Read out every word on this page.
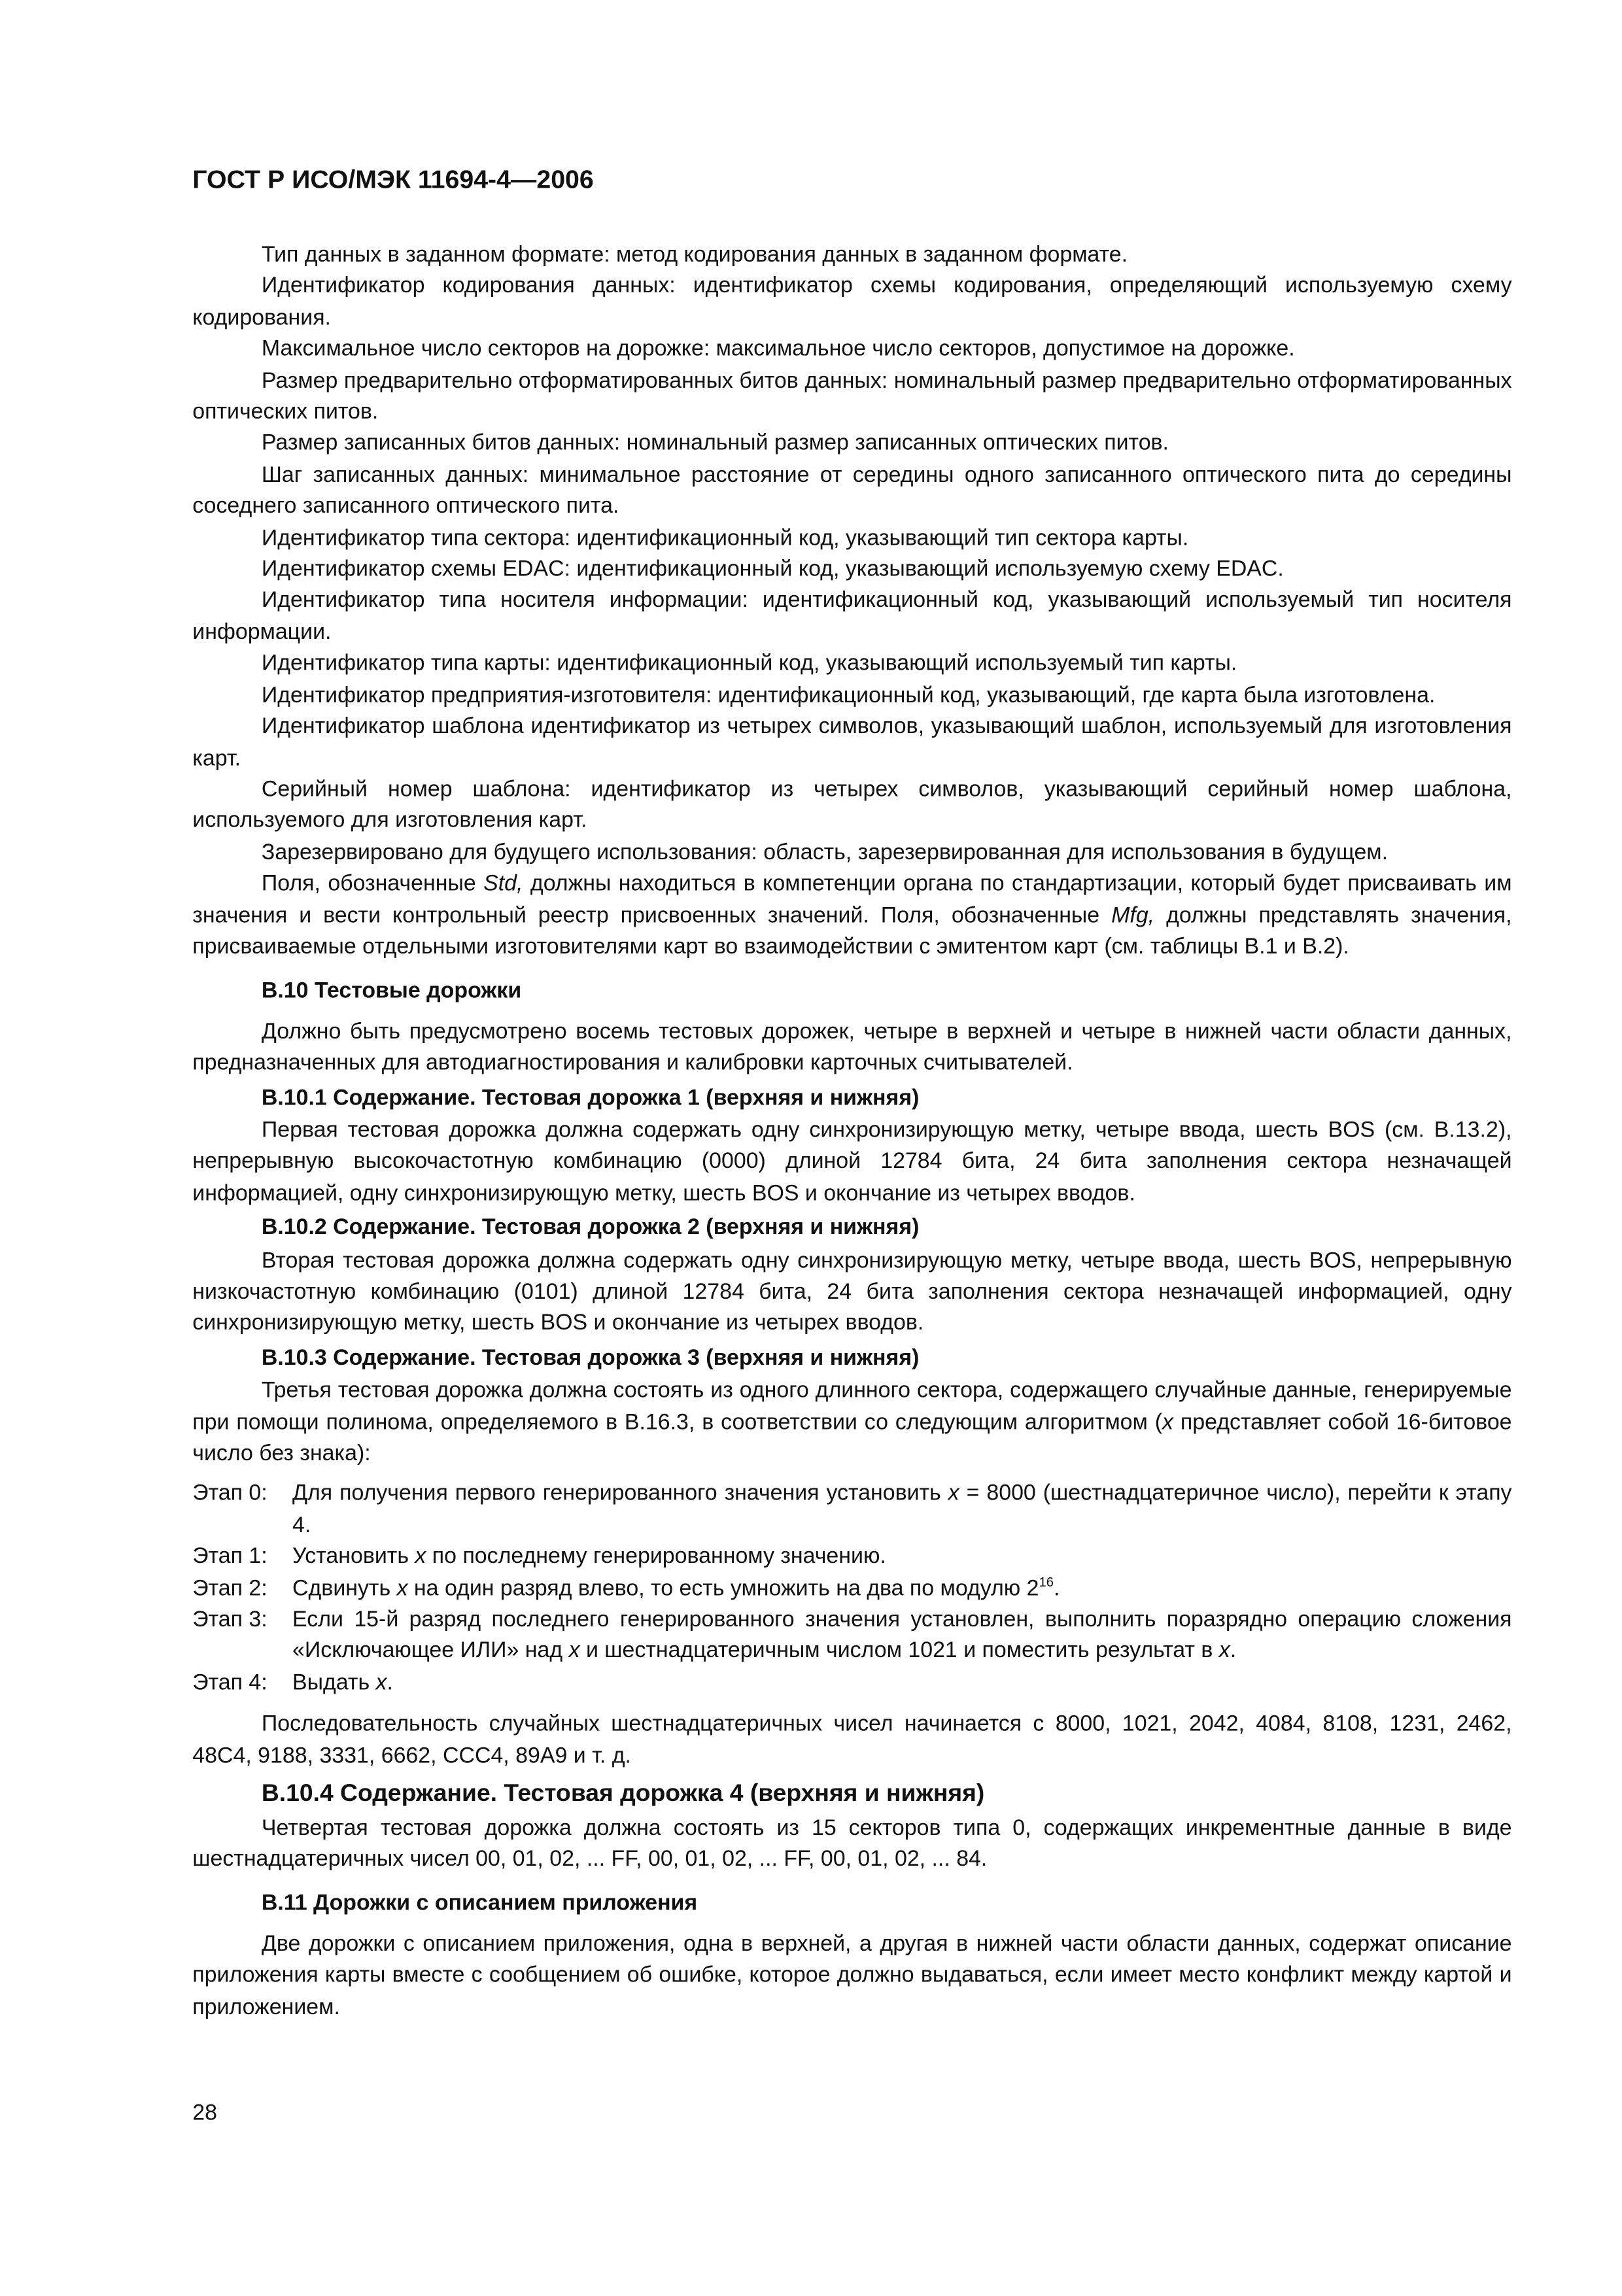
ГОСТ Р ИСО/МЭК 11694-4—2006

Тип данных в заданном формате: метод кодирования данных в заданном формате.

Идентификатор кодирования данных: идентификатор схемы кодирования, определяющий используемую схему кодирования.

Максимальное число секторов на дорожке: максимальное число секторов, допустимое на дорожке.

Размер предварительно отформатированных битов данных: номинальный размер предварительно отформатированных оптических питов.

Размер записанных битов данных: номинальный размер записанных оптических питов.

Шаг записанных данных: минимальное расстояние от середины одного записанного оптического пита до середины соседнего записанного оптического пита.

Идентификатор типа сектора: идентификационный код, указывающий тип сектора карты.

Идентификатор схемы EDAC: идентификационный код, указывающий используемую схему EDAC.

Идентификатор типа носителя информации: идентификационный код, указывающий используемый тип носителя информации.

Идентификатор типа карты: идентификационный код, указывающий используемый тип карты.

Идентификатор предприятия-изготовителя: идентификационный код, указывающий, где карта была изготовлена.

Идентификатор шаблона идентификатор из четырех символов, указывающий шаблон, используемый для изготовления карт.

Серийный номер шаблона: идентификатор из четырех символов, указывающий серийный номер шаблона, используемого для изготовления карт.

Зарезервировано для будущего использования: область, зарезервированная для использования в будущем.

Поля, обозначенные Std, должны находиться в компетенции органа по стандартизации, который будет присваивать им значения и вести контрольный реестр присвоенных значений. Поля, обозначенные Mfg, должны представлять значения, присваиваемые отдельными изготовителями карт во взаимодействии с эмитентом карт (см. таблицы В.1 и В.2).

В.10 Тестовые дорожки

Должно быть предусмотрено восемь тестовых дорожек, четыре в верхней и четыре в нижней части области данных, предназначенных для автодиагностирования и калибровки карточных считывателей.

В.10.1 Содержание. Тестовая дорожка 1 (верхняя и нижняя)

Первая тестовая дорожка должна содержать одну синхронизирующую метку, четыре ввода, шесть BOS (см. В.13.2), непрерывную высокочастотную комбинацию (0000) длиной 12784 бита, 24 бита заполнения сектора незначащей информацией, одну синхронизирующую метку, шесть BOS и окончание из четырех вводов.

В.10.2 Содержание. Тестовая дорожка 2 (верхняя и нижняя)

Вторая тестовая дорожка должна содержать одну синхронизирующую метку, четыре ввода, шесть BOS, непрерывную низкочастотную комбинацию (0101) длиной 12784 бита, 24 бита заполнения сектора незначащей информацией, одну синхронизирующую метку, шесть BOS и окончание из четырех вводов.

В.10.3 Содержание. Тестовая дорожка 3 (верхняя и нижняя)

Третья тестовая дорожка должна состоять из одного длинного сектора, содержащего случайные данные, генерируемые при помощи полинома, определяемого в В.16.3, в соответствии со следующим алгоритмом (x представляет собой 16-битовое число без знака):

Этап 0:	Для получения первого генерированного значения установить x = 8000 (шестнадцатеричное число), перейти к этапу 4.
Этап 1:	Установить x по последнему генерированному значению.
Этап 2:	Сдвинуть x на один разряд влево, то есть умножить на два по модулю $2^{16}$.
Этап 3:	Если 15-й разряд последнего генерированного значения установлен, выполнить поразрядно операцию сложения «Исключающее ИЛИ» над x и шестнадцатеричным числом 1021 и поместить результат в x.
Этап 4:	Выдать x.

Последовательность случайных шестнадцатеричных чисел начинается с 8000, 1021, 2042, 4084, 8108, 1231, 2462, 48C4, 9188, 3331, 6662, CCC4, 89A9 и т. д.

В.10.4 Содержание. Тестовая дорожка 4 (верхняя и нижняя)

Четвертая тестовая дорожка должна состоять из 15 секторов типа 0, содержащих инкрементные данные в виде шестнадцатеричных чисел 00, 01, 02, ... FF, 00, 01, 02, ... FF, 00, 01, 02, ... 84.

В.11 Дорожки с описанием приложения

Две дорожки с описанием приложения, одна в верхней, а другая в нижней части области данных, содержат описание приложения карты вместе с сообщением об ошибке, которое должно выдаваться, если имеет место конфликт между картой и приложением.

28
